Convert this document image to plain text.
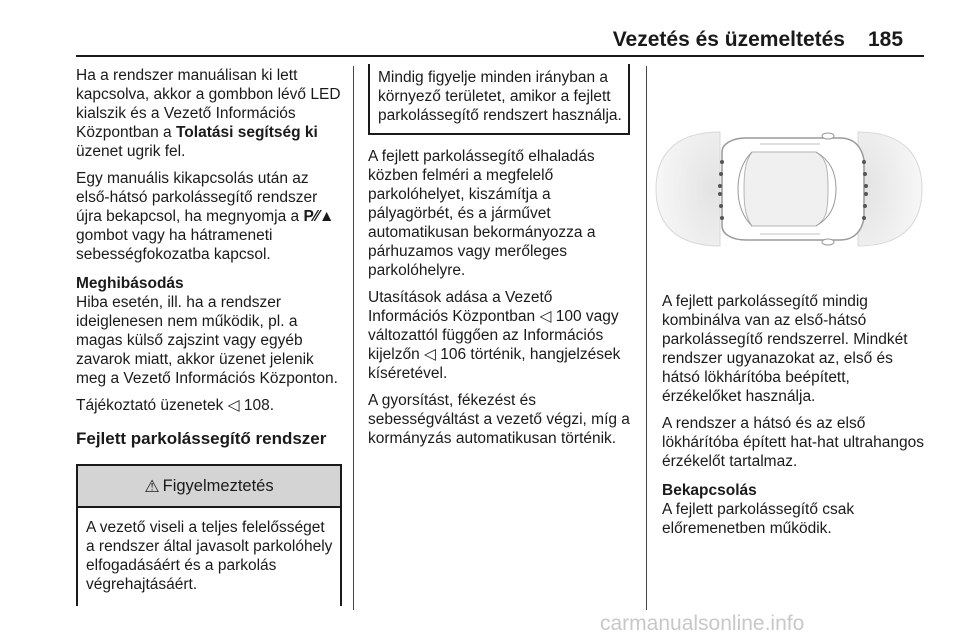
Vezetés és üzemeltetés 185

Ha a rendszer manuálisan ki lett kapcsolva, akkor a gombbon lévő LED kialszik és a Vezető Információs Központban a Tolatási segítség ki üzenet ugrik fel.

Egy manuális kikapcsolás után az első-hátsó parkolássegítő rendszer újra bekapcsol, ha megnyomja a P⁄⁄▲ gombot vagy ha hátrameneti sebességfokozatba kapcsol.

Meghibásodás

Hiba esetén, ill. ha a rendszer ideiglenesen nem működik, pl. a magas külső zajszint vagy egyéb zavarok miatt, akkor üzenet jelenik meg a Vezető Információs Központon.

Tájékoztató üzenetek ◁ 108.

Fejlett parkolássegítő rendszer
⚠ Figyelmeztetés
A vezető viseli a teljes felelősséget a rendszer által javasolt parkolóhely elfogadásáért és a parkolás végrehajtásáért.
Mindig figyelje minden irányban a környező területet, amikor a fejlett parkolássegítő rendszert használja.

A fejlett parkolássegítő elhaladás közben felméri a megfelelő parkolóhelyet, kiszámítja a pályagörbét, és a járművet automatikusan bekormányozza a párhuzamos vagy merőleges parkolóhelyre.

Utasítások adása a Vezető Információs Központban ◁ 100 vagy változattól függően az Információs kijelzőn ◁ 106 történik, hangjelzések kíséretével.

A gyorsítást, fékezést és sebességváltást a vezető végzi, míg a kormányzás automatikusan történik.

A fejlett parkolássegítő mindig kombinálva van az első-hátsó parkolássegítő rendszerrel. Mindkét rendszer ugyanazokat az, első és hátsó lökhárítóba beépített, érzékelőket használja.

A rendszer a hátsó és az első lökhárítóba épített hat-hat ultrahangos érzékelőt tartalmaz.

Bekapcsolás

A fejlett parkolássegítő csak előremenetben működik.

carmanualsonline.info
